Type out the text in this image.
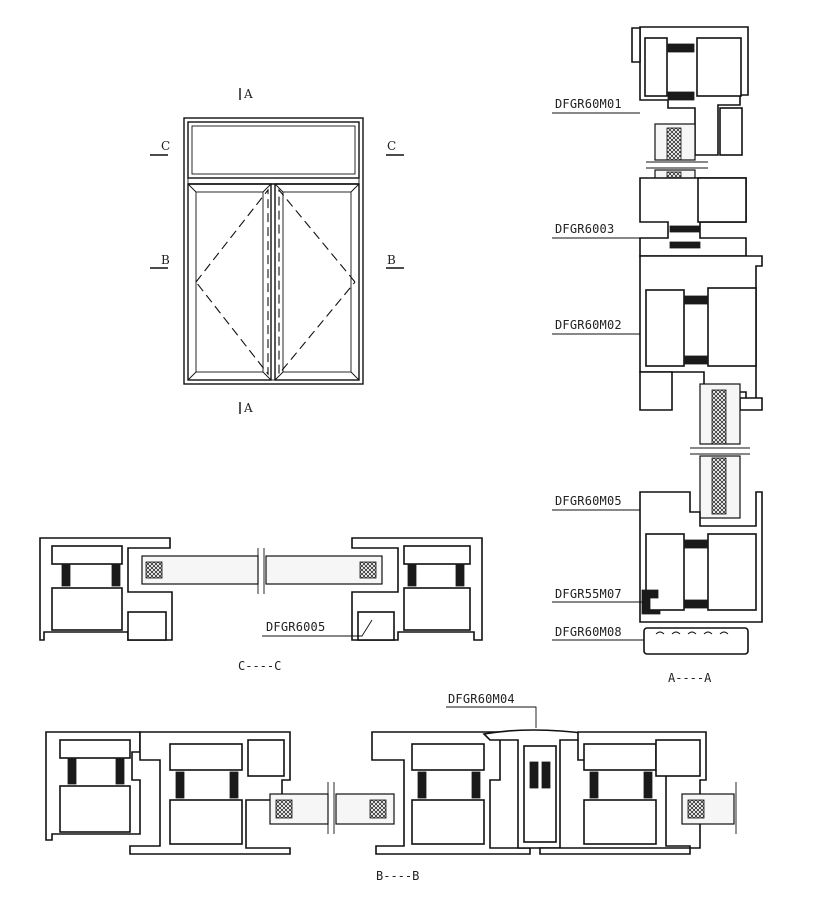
A
A
C	C
B	B
DFGR60M01
DFGR6003
DFGR60M02
DFGR60M05
DFGR55M07
DFGR60M08
A----A
DFGR6005
C----C
DFGR60M04
B----B
